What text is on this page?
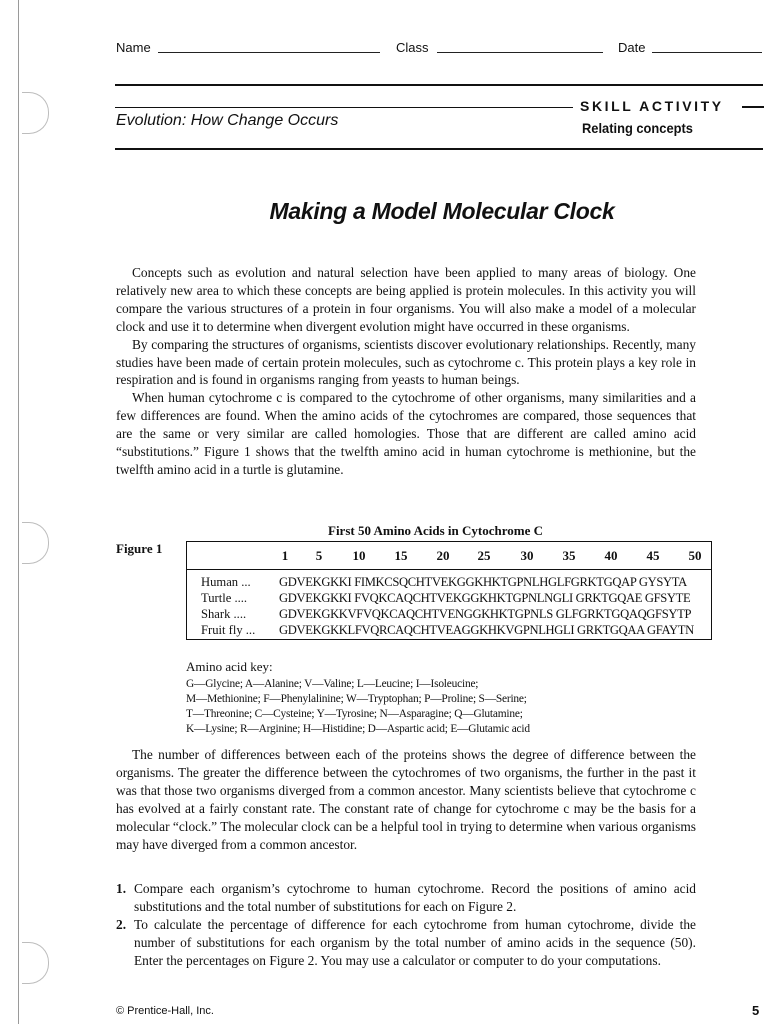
Name	Class	Date
Evolution: How Change Occurs
SKILL ACTIVITY
Relating concepts
Making a Model Molecular Clock

Concepts such as evolution and natural selection have been applied to many areas of biology. One relatively new area to which these concepts are being applied is protein molecules. In this activity you will compare the various structures of a protein in four organisms. You will also make a model of a molecular clock and use it to determine when divergent evolution might have occurred in these organisms.

By comparing the structures of organisms, scientists discover evolutionary relationships. Recently, many studies have been made of certain protein molecules, such as cytochrome c. This protein plays a key role in respiration and is found in organisms ranging from yeasts to human beings.

When human cytochrome c is compared to the cytochrome of other organisms, many similarities and a few differences are found. When the amino acids of the cytochromes are compared, those sequences that are the same or very similar are called homologies. Those that are different are called amino acid “substitutions.” Figure 1 shows that the twelfth amino acid in human cytochrome is methionine, but the twelfth amino acid in a turtle is glutamine.

First 50 Amino Acids in Cytochrome C
Figure 1	1	5	10	15	20	25	30	35	40	45	50
Human ... GDVEKGKKI FIMKCSQCHTVEKGGKHKTGPNLHGLFGRKTGQAP GYSYTA
Turtle ....	GDVEKGKKI FVQKCAQCHTVEKGGKHKTGPNLNGLI GRKTGQAE GFSYTE
Shark ....	GDVEKGKKVFVQKCAQCHTVENGGKHKTGPNLS GLFGRKTGQAQGFSYTP
Fruit fly ... GDVEKGKKLFVQRCAQCHTVEAGGKHKVGPNLHGLI GRKTGQAA GFAYTN
Amino acid key:
G—Glycine; A—Alanine; V—Valine; L—Leucine; I—Isoleucine;
M—Methionine; F—Phenylalinine; W—Tryptophan; P—Proline; S—Serine;
T—Threonine; C—Cysteine; Y—Tyrosine; N—Asparagine; Q—Glutamine;
K—Lysine; R—Arginine; H—Histidine; D—Aspartic acid; E—Glutamic acid

The number of differences between each of the proteins shows the degree of difference between the organisms. The greater the difference between the cytochromes of two organisms, the further in the past it was that those two organisms diverged from a common ancestor. Many scientists believe that cytochrome c has evolved at a fairly constant rate. The constant rate of change for cytochrome c may be the basis for a molecular “clock.” The molecular clock can be a helpful tool in trying to determine when various organisms may have diverged from a common ancestor.

1. Compare each organism’s cytochrome to human cytochrome. Record the positions of amino acid substitutions and the total number of substitutions for each on Figure 2.
2. To calculate the percentage of difference for each cytochrome from human cytochrome, divide the number of substitutions for each organism by the total number of amino acids in the sequence (50). Enter the percentages on Figure 2. You may use a calculator or computer to do your computations.
© Prentice-Hall, Inc.	5
